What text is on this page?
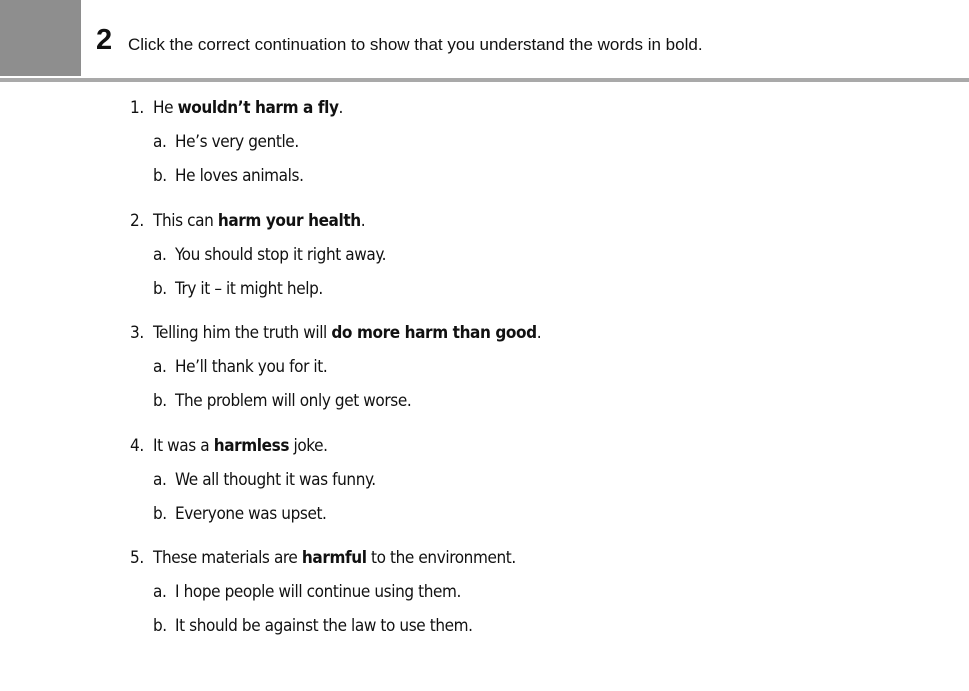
2 Click the correct continuation to show that you understand the words in bold.
1. He wouldn’t harm a fly.
a. He’s very gentle.
b. He loves animals.
2. This can harm your health.
a. You should stop it right away.
b. Try it – it might help.
3. Telling him the truth will do more harm than good.
a. He’ll thank you for it.
b. The problem will only get worse.
4. It was a harmless joke.
a. We all thought it was funny.
b. Everyone was upset.
5. These materials are harmful to the environment.
a. I hope people will continue using them.
b. It should be against the law to use them.
